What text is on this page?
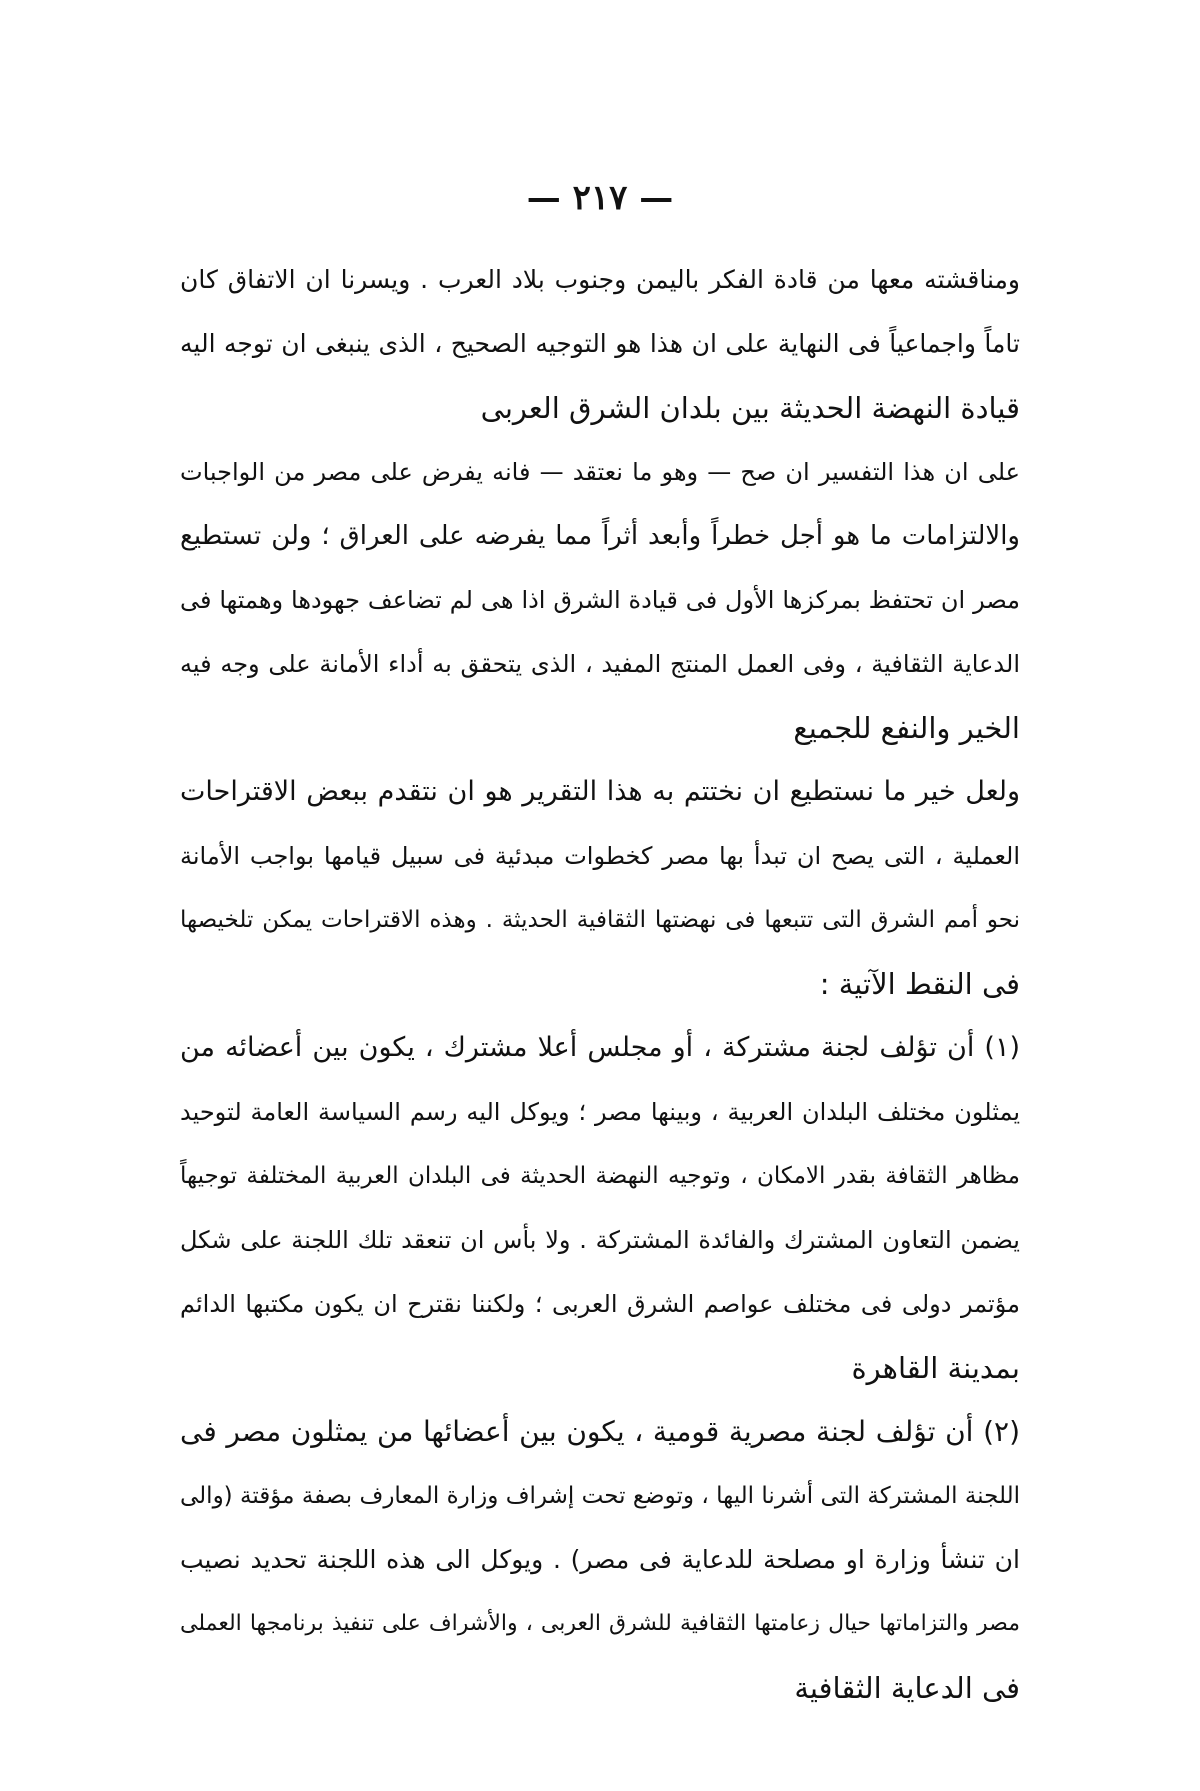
— ٢١٧ —
ومناقشته معها من قادة الفكر باليمن وجنوب بلاد العرب . ويسرنا ان الاتفاق كان
تاماً واجماعياً فى النهاية على ان هذا هو التوجيه الصحيح ، الذى ينبغى ان توجه اليه
قيادة النهضة الحديثة بين بلدان الشرق العربى
على ان هذا التفسير ان صح — وهو ما نعتقد — فانه يفرض على مصر من الواجبات
والالتزامات ما هو أجل خطراً وأبعد أثراً مما يفرضه على العراق ؛ ولن تستطيع
مصر ان تحتفظ بمركزها الأول فى قيادة الشرق اذا هى لم تضاعف جهودها وهمتها فى
الدعاية الثقافية ، وفى العمل المنتج المفيد ، الذى يتحقق به أداء الأمانة على وجه فيه
الخير والنفع للجميع
ولعل خير ما نستطيع ان نختتم به هذا التقرير هو ان نتقدم ببعض الاقتراحات
العملية ، التى يصح ان تبدأ بها مصر كخطوات مبدئية فى سبيل قيامها بواجب الأمانة
نحو أمم الشرق التى تتبعها فى نهضتها الثقافية الحديثة . وهذه الاقتراحات يمكن تلخيصها
فى النقط الآتية :
(١) أن تؤلف لجنة مشتركة ، أو مجلس أعلا مشترك ، يكون بين أعضائه من
يمثلون مختلف البلدان العربية ، وبينها مصر ؛ ويوكل اليه رسم السياسة العامة لتوحيد
مظاهر الثقافة بقدر الامكان ، وتوجيه النهضة الحديثة فى البلدان العربية المختلفة توجيهاً
يضمن التعاون المشترك والفائدة المشتركة . ولا بأس ان تنعقد تلك اللجنة على شكل
مؤتمر دولى فى مختلف عواصم الشرق العربى ؛ ولكننا نقترح ان يكون مكتبها الدائم
بمدينة القاهرة
(٢) أن تؤلف لجنة مصرية قومية ، يكون بين أعضائها من يمثلون مصر فى
اللجنة المشتركة التى أشرنا اليها ، وتوضع تحت إشراف وزارة المعارف بصفة مؤقتة (والى
ان تنشأ وزارة او مصلحة للدعاية فى مصر) . ويوكل الى هذه اللجنة تحديد نصيب
مصر والتزاماتها حيال زعامتها الثقافية للشرق العربى ، والأشراف على تنفيذ برنامجها العملى
فى الدعاية الثقافية
